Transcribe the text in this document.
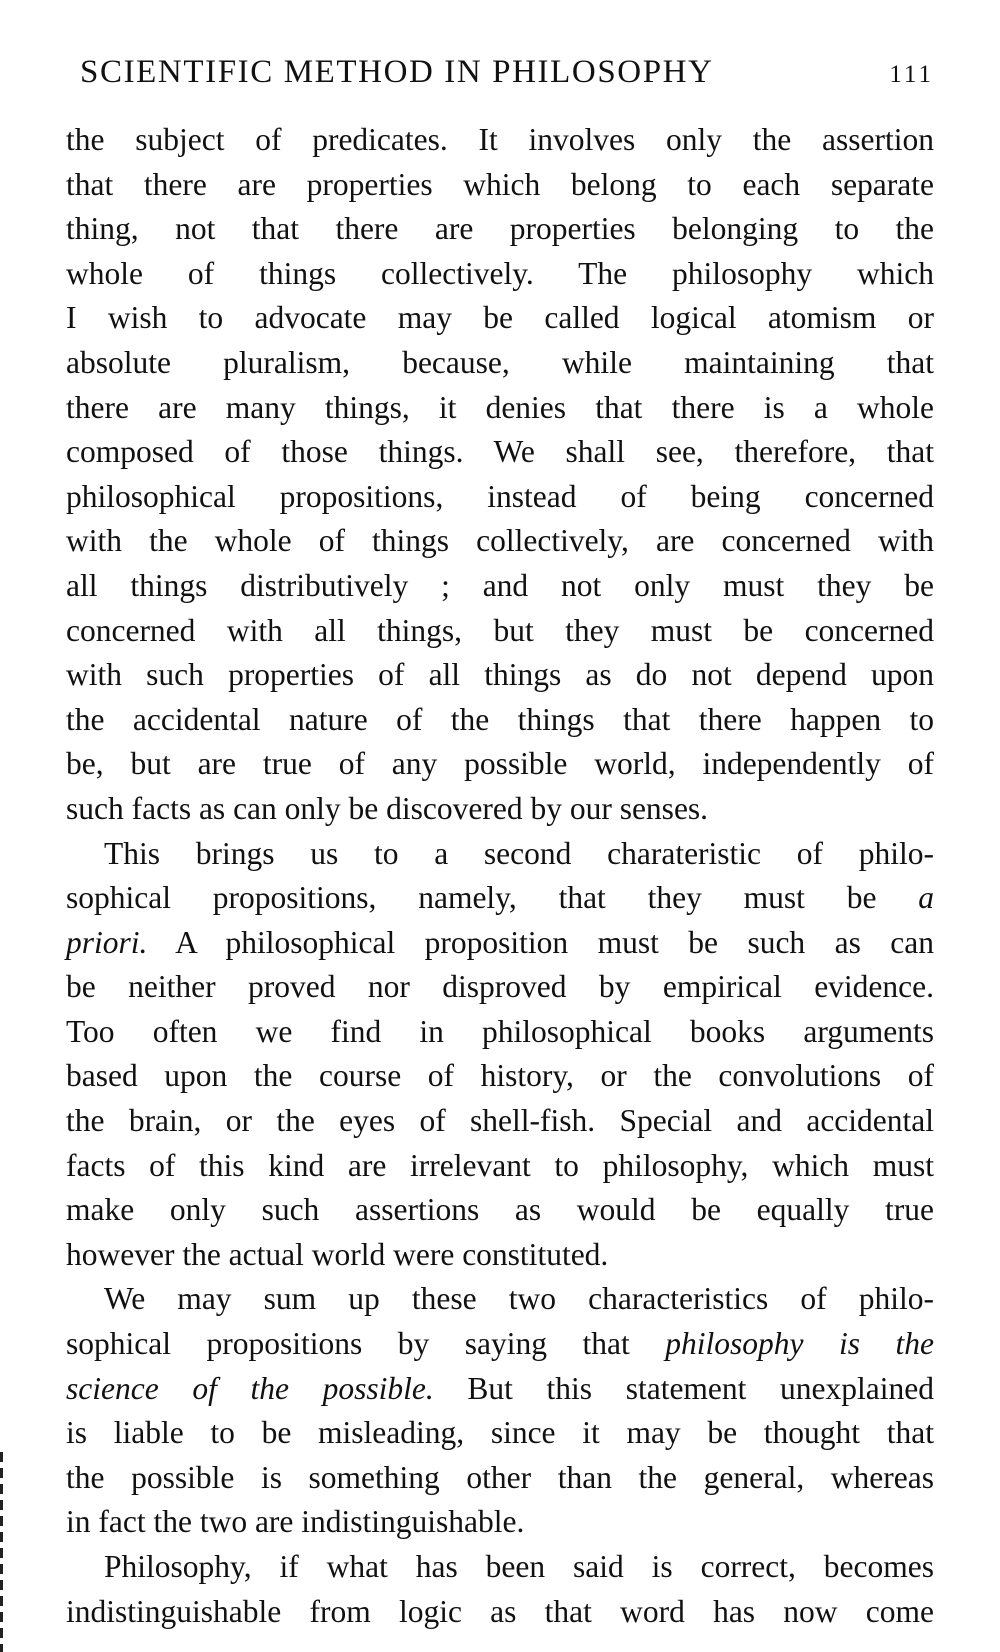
SCIENTIFIC METHOD IN PHILOSOPHY	111
the subject of predicates. It involves only the assertion
that there are properties which belong to each separate
thing, not that there are properties belonging to the
whole of things collectively. The philosophy which
I wish to advocate may be called logical atomism or
absolute pluralism, because, while maintaining that
there are many things, it denies that there is a whole
composed of those things. We shall see, therefore, that
philosophical propositions, instead of being concerned
with the whole of things collectively, are concerned with
all things distributively ; and not only must they be
concerned with all things, but they must be concerned
with such properties of all things as do not depend upon
the accidental nature of the things that there happen to
be, but are true of any possible world, independently of
such facts as can only be discovered by our senses.
This brings us to a second charateristic of philo-
sophical propositions, namely, that they must be a
priori. A philosophical proposition must be such as can
be neither proved nor disproved by empirical evidence.
Too often we find in philosophical books arguments
based upon the course of history, or the convolutions of
the brain, or the eyes of shell-fish. Special and accidental
facts of this kind are irrelevant to philosophy, which must
make only such assertions as would be equally true
however the actual world were constituted.
We may sum up these two characteristics of philo-
sophical propositions by saying that philosophy is the
science of the possible. But this statement unexplained
is liable to be misleading, since it may be thought that
the possible is something other than the general, whereas
in fact the two are indistinguishable.
Philosophy, if what has been said is correct, becomes
indistinguishable from logic as that word has now come
